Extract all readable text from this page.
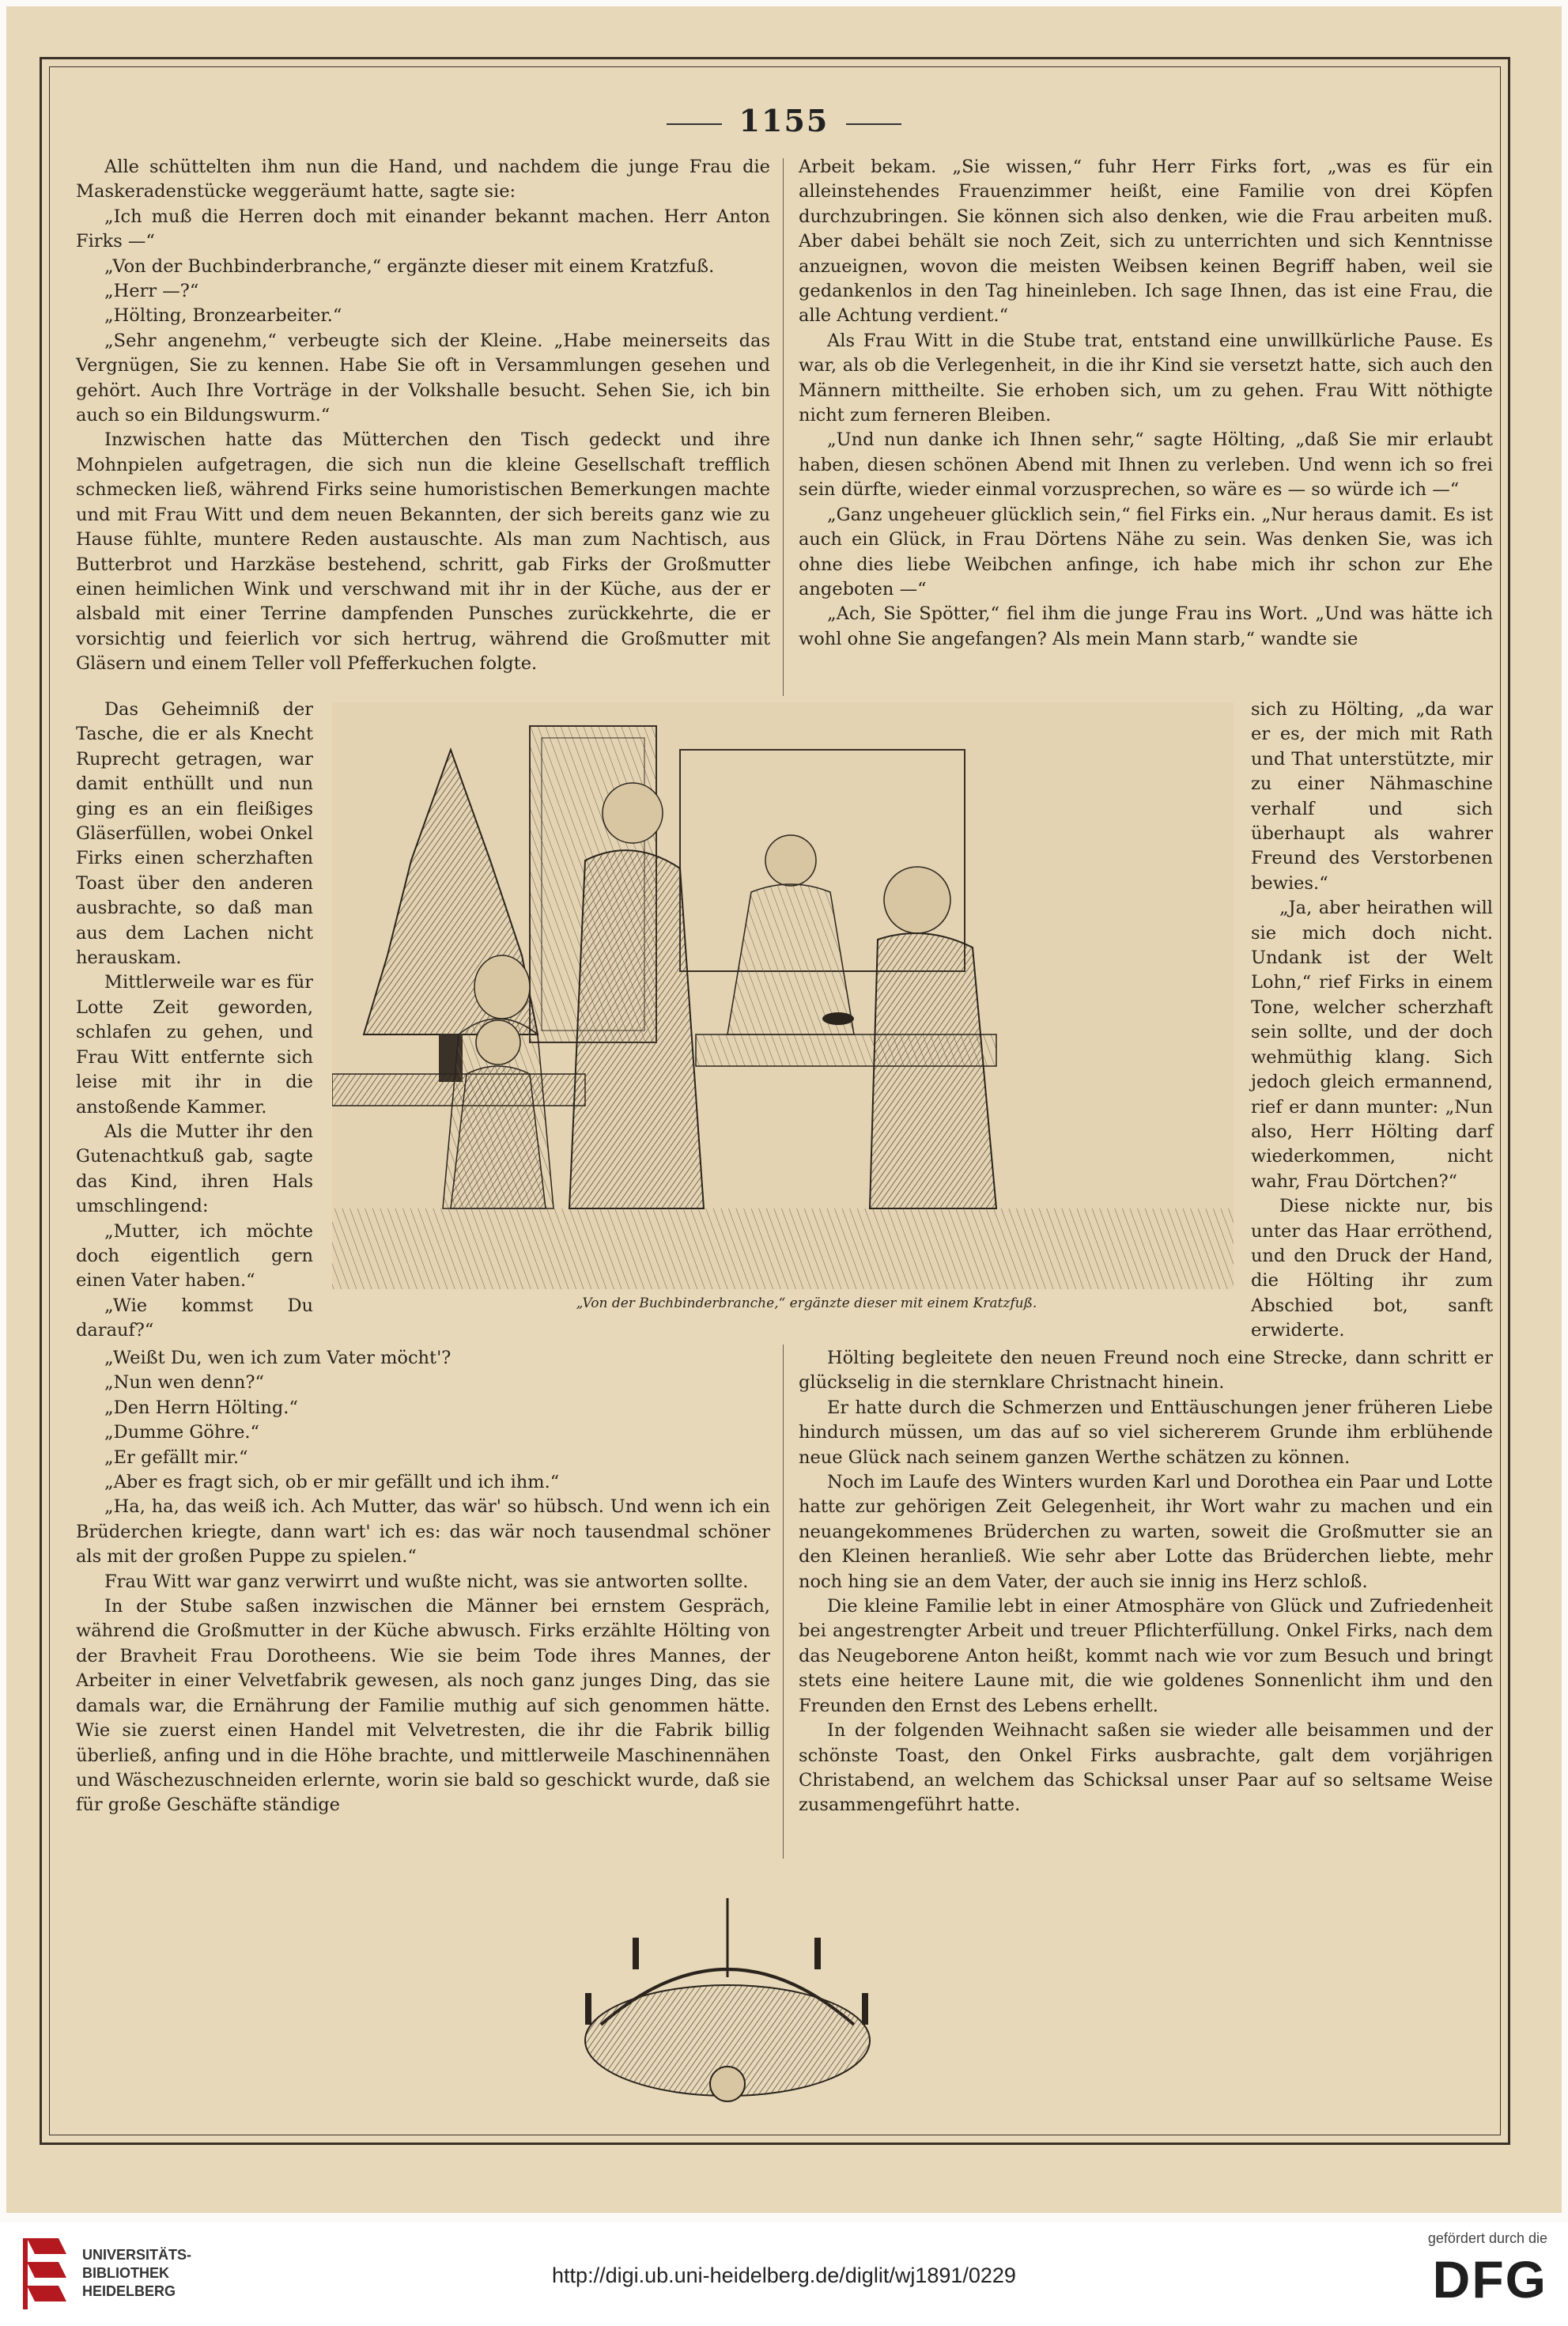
1155

Alle schüttelten ihm nun die Hand, und nachdem die junge Frau die Maskeradenstücke weggeräumt hatte, sagte sie:

„Ich muß die Herren doch mit einander bekannt machen. Herr Anton Firks —“

„Von der Buchbinderbranche,“ ergänzte dieser mit einem Kratzfuß.

„Herr —?“

„Hölting, Bronzearbeiter.“

„Sehr angenehm,“ verbeugte sich der Kleine. „Habe meinerseits das Vergnügen, Sie zu kennen. Habe Sie oft in Versammlungen gesehen und gehört. Auch Ihre Vorträge in der Volkshalle besucht. Sehen Sie, ich bin auch so ein Bildungswurm.“

Inzwischen hatte das Mütterchen den Tisch gedeckt und ihre Mohnpielen aufgetragen, die sich nun die kleine Gesellschaft trefflich schmecken ließ, während Firks seine humoristischen Bemerkungen machte und mit Frau Witt und dem neuen Bekannten, der sich bereits ganz wie zu Hause fühlte, muntere Reden austauschte. Als man zum Nachtisch, aus Butterbrot und Harzkäse bestehend, schritt, gab Firks der Großmutter einen heimlichen Wink und verschwand mit ihr in der Küche, aus der er alsbald mit einer Terrine dampfenden Punsches zurückkehrte, die er vorsichtig und feierlich vor sich hertrug, während die Großmutter mit Gläsern und einem Teller voll Pfefferkuchen folgte.

Das Geheimniß der Tasche, die er als Knecht Ruprecht getragen, war damit enthüllt und nun ging es an ein fleißiges Gläserfüllen, wobei Onkel Firks einen scherzhaften Toast über den anderen ausbrachte, so daß man aus dem Lachen nicht herauskam.

Mittlerweile war es für Lotte Zeit geworden, schlafen zu gehen, und Frau Witt entfernte sich leise mit ihr in die anstoßende Kammer.

Als die Mutter ihr den Gutenachtkuß gab, sagte das Kind, ihren Hals umschlingend:

„Mutter, ich möchte doch eigentlich gern einen Vater haben.“

„Wie kommst Du darauf?“

„Weißt Du, wen ich zum Vater möcht'?

„Nun wen denn?“

„Den Herrn Hölting.“

„Dumme Göhre.“

„Er gefällt mir.“

„Aber es fragt sich, ob er mir gefällt und ich ihm.“

„Ha, ha, das weiß ich. Ach Mutter, das wär' so hübsch. Und wenn ich ein Brüderchen kriegte, dann wart' ich es: das wär noch tausendmal schöner als mit der großen Puppe zu spielen.“

Frau Witt war ganz verwirrt und wußte nicht, was sie antworten sollte.

In der Stube saßen inzwischen die Männer bei ernstem Gespräch, während die Großmutter in der Küche abwusch. Firks erzählte Hölting von der Bravheit Frau Dorotheens. Wie sie beim Tode ihres Mannes, der Arbeiter in einer Velvetfabrik gewesen, als noch ganz junges Ding, das sie damals war, die Ernährung der Familie muthig auf sich genommen hätte. Wie sie zuerst einen Handel mit Velvetresten, die ihr die Fabrik billig überließ, anfing und in die Höhe brachte, und mittlerweile Maschinennähen und Wäschezuschneiden erlernte, worin sie bald so geschickt wurde, daß sie für große Geschäfte ständige

Arbeit bekam. „Sie wissen,“ fuhr Herr Firks fort, „was es für ein alleinstehendes Frauenzimmer heißt, eine Familie von drei Köpfen durchzubringen. Sie können sich also denken, wie die Frau arbeiten muß. Aber dabei behält sie noch Zeit, sich zu unterrichten und sich Kenntnisse anzueignen, wovon die meisten Weibsen keinen Begriff haben, weil sie gedankenlos in den Tag hineinleben. Ich sage Ihnen, das ist eine Frau, die alle Achtung verdient.“

Als Frau Witt in die Stube trat, entstand eine unwillkürliche Pause. Es war, als ob die Verlegenheit, in die ihr Kind sie versetzt hatte, sich auch den Männern mittheilte. Sie erhoben sich, um zu gehen. Frau Witt nöthigte nicht zum ferneren Bleiben.

„Und nun danke ich Ihnen sehr,“ sagte Hölting, „daß Sie mir erlaubt haben, diesen schönen Abend mit Ihnen zu verleben. Und wenn ich so frei sein dürfte, wieder einmal vorzusprechen, so wäre es — so würde ich —“

„Ganz ungeheuer glücklich sein,“ fiel Firks ein. „Nur heraus damit. Es ist auch ein Glück, in Frau Dörtens Nähe zu sein. Was denken Sie, was ich ohne dies liebe Weibchen anfinge, ich habe mich ihr schon zur Ehe angeboten —“

„Ach, Sie Spötter,“ fiel ihm die junge Frau ins Wort. „Und was hätte ich wohl ohne Sie angefangen? Als mein Mann starb,“ wandte sie

sich zu Hölting, „da war er es, der mich mit Rath und That unterstützte, mir zu einer Nähmaschine verhalf und sich überhaupt als wahrer Freund des Verstorbenen bewies.“

„Ja, aber heirathen will sie mich doch nicht. Undank ist der Welt Lohn,“ rief Firks in einem Tone, welcher scherzhaft sein sollte, und der doch wehmüthig klang. Sich jedoch gleich ermannend, rief er dann munter: „Nun also, Herr Hölting darf wiederkommen, nicht wahr, Frau Dörtchen?“

Diese nickte nur, bis unter das Haar erröthend, und den Druck der Hand, die Hölting ihr zum Abschied bot, sanft erwiderte.

Hölting begleitete den neuen Freund noch eine Strecke, dann schritt er glückselig in die sternklare Christnacht hinein.

Er hatte durch die Schmerzen und Enttäuschungen jener früheren Liebe hindurch müssen, um das auf so viel sichererem Grunde ihm erblühende neue Glück nach seinem ganzen Werthe schätzen zu können.

Noch im Laufe des Winters wurden Karl und Dorothea ein Paar und Lotte hatte zur gehörigen Zeit Gelegenheit, ihr Wort wahr zu machen und ein neuangekommenes Brüderchen zu warten, soweit die Großmutter sie an den Kleinen heranließ. Wie sehr aber Lotte das Brüderchen liebte, mehr noch hing sie an dem Vater, der auch sie innig ins Herz schloß.

Die kleine Familie lebt in einer Atmosphäre von Glück und Zufriedenheit bei angestrengter Arbeit und treuer Pflichterfüllung. Onkel Firks, nach dem das Neugeborene Anton heißt, kommt nach wie vor zum Besuch und bringt stets eine heitere Laune mit, die wie goldenes Sonnenlicht ihm und den Freunden den Ernst des Lebens erhellt.

In der folgenden Weihnacht saßen sie wieder alle beisammen und der schönste Toast, den Onkel Firks ausbrachte, galt dem vorjährigen Christabend, an welchem das Schicksal unser Paar auf so seltsame Weise zusammengeführt hatte.

„Von der Buchbinderbranche,“ ergänzte dieser mit einem Kratzfuß.
UNIVERSITÄTS-
BIBLIOTHEK
HEIDELBERG
http://digi.ub.uni-heidelberg.de/diglit/wj1891/0229
gefördert durch die
DFG
